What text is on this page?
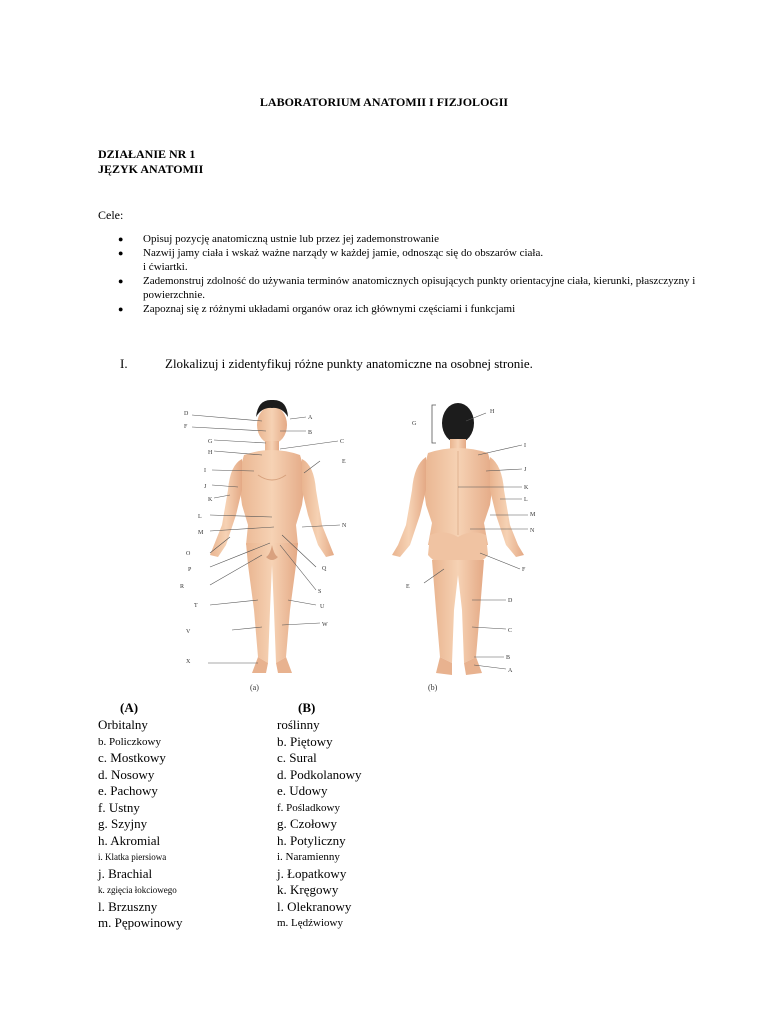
LABORATORIUM ANATOMII I FIZJOLOGII
DZIAŁANIE NR 1
JĘZYK ANATOMII
Cele:
● Opisuj pozycję anatomiczną ustnie lub przez jej zademonstrowanie
● Nazwij jamy ciała i wskaż ważne narządy w każdej jamie, odnosząc się do obszarów ciała.
i ćwiartki.
● Zademonstruj zdolność do używania terminów anatomicznych opisujących punkty orientacyjne ciała, kierunki, płaszczyzny i
powierzchnie.
● Zapoznaj się z różnymi układami organów oraz ich głównymi częściami i funkcjami
I.	Zlokalizuj i zidentyfikuj różne punkty anatomiczne na osobnej stronie.
(a)
D
F
G
H
I
J
K
L
M
O
P
R
T
V
X
A
B
C
E
N
Q
S
U
W
(b)
G
E
H
I
J
K
L
M
N
F
D
C
B
A
(A)	(B)
Orbitalny
b. Policzkowy
c. Mostkowy
d. Nosowy
e. Pachowy
f. Ustny
g. Szyjny
h. Akromial
i. Klatka piersiowa
j. Brachial
k. zgięcia łokciowego
l. Brzuszny
m. Pępowinowy
roślinny
b. Piętowy
c. Sural
d. Podkolanowy
e. Udowy
f. Pośladkowy
g. Czołowy
h. Potyliczny
i. Naramienny
j. Łopatkowy
k. Kręgowy
l. Olekranowy
m. Lędźwiowy
